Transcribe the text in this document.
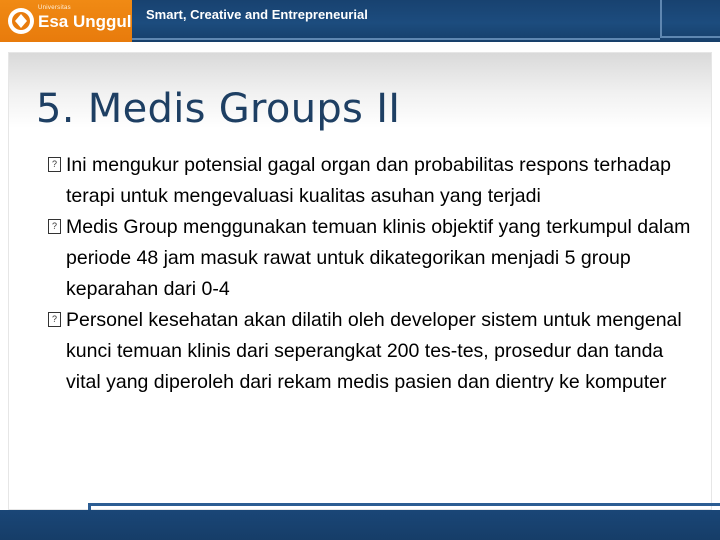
Universitas
Esa Unggul Smart, Creative and Entrepreneurial
5. Medis Groups II
? Ini mengukur potensial gagal organ dan probabilitas respons terhadap terapi untuk mengevaluasi kualitas asuhan yang terjadi
? Medis Group menggunakan temuan klinis objektif yang terkumpul dalam periode 48 jam masuk rawat untuk dikategorikan menjadi 5 group keparahan dari 0-4
? Personel kesehatan akan dilatih oleh developer sistem untuk mengenal kunci temuan klinis dari seperangkat 200 tes-tes, prosedur dan tanda vital yang diperoleh dari rekam medis pasien dan dientry ke komputer
